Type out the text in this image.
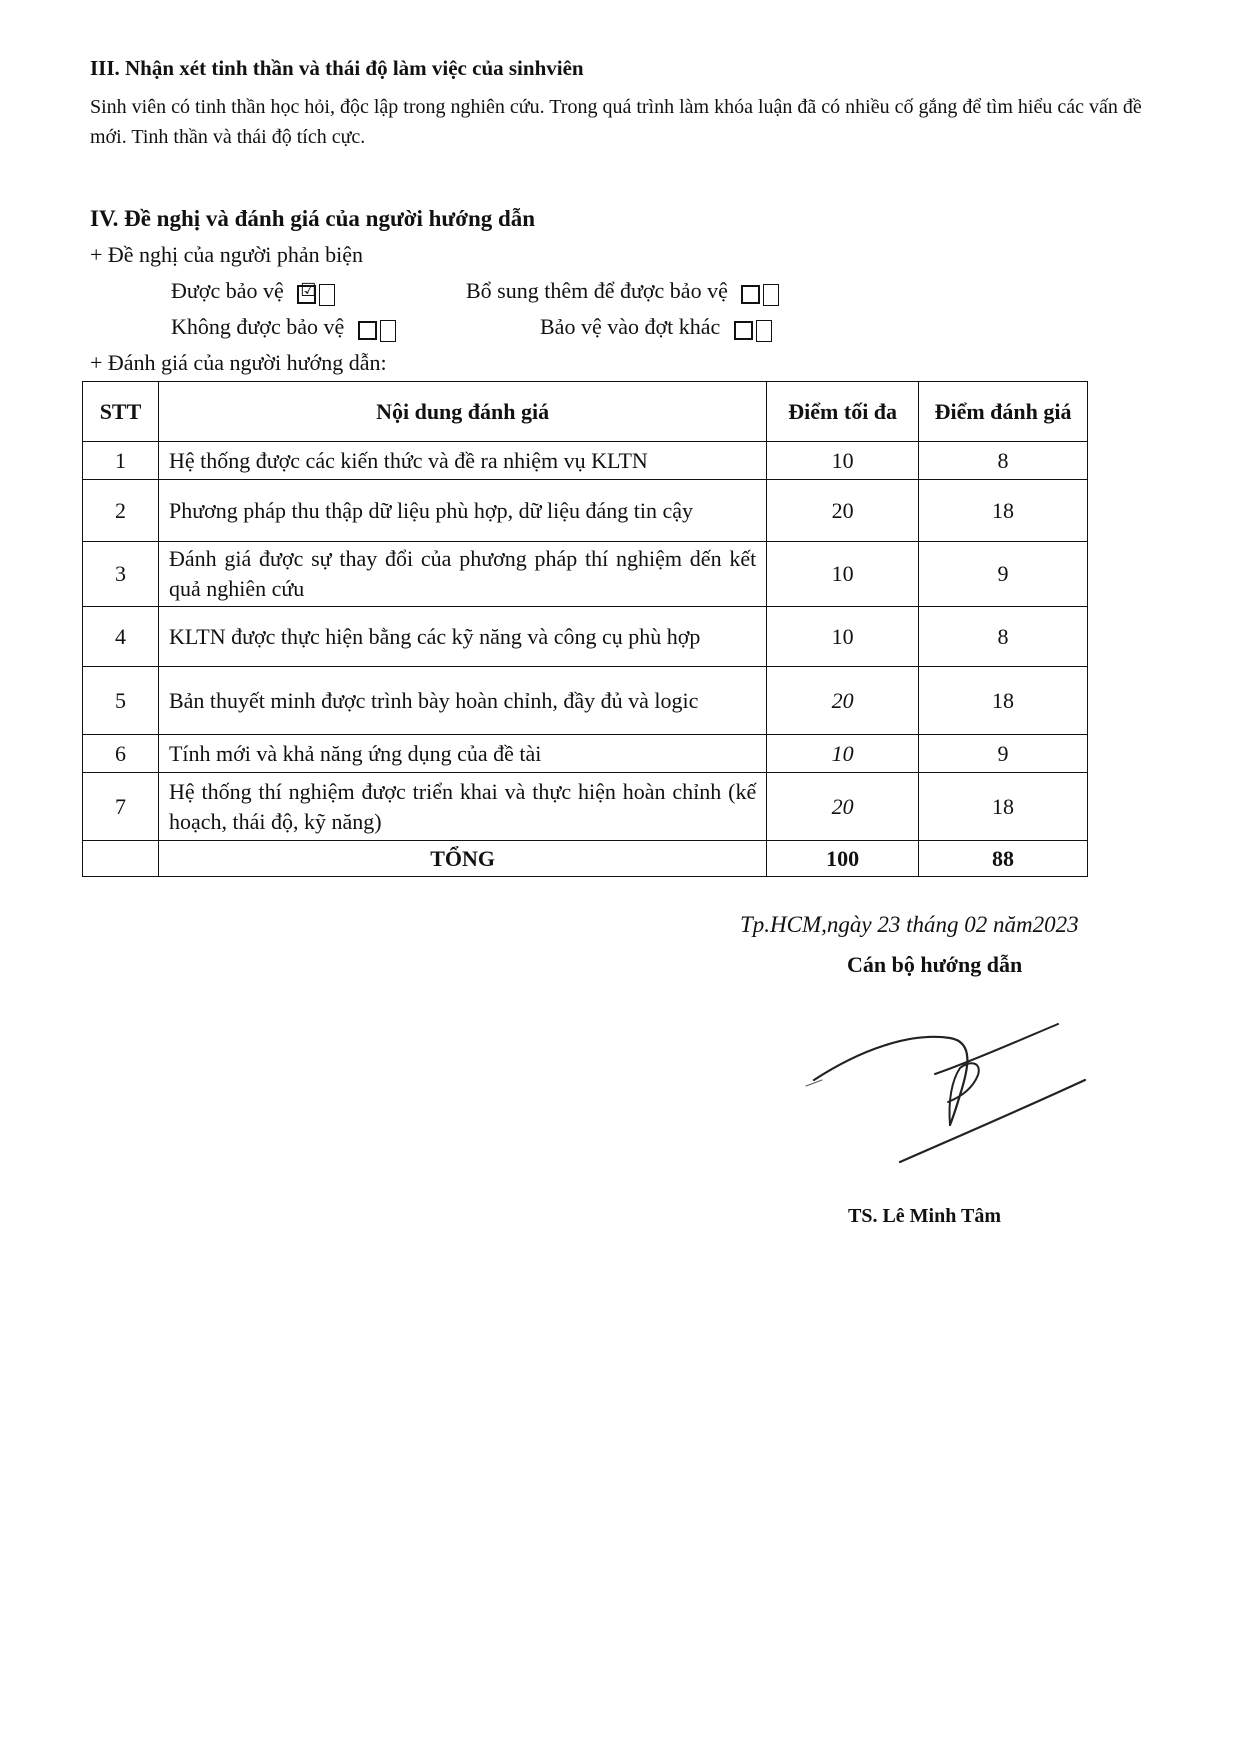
III. Nhận xét tinh thần và thái độ làm việc của sinhviên
Sinh viên có tinh thần học hỏi, độc lập trong nghiên cứu. Trong quá trình làm khóa luận đã có nhiều cố gắng để tìm hiểu các vấn đề mới. Tinh thần và thái độ tích cực.
IV. Đề nghị và đánh giá của người hướng dẫn
+ Đề nghị của người phản biện
Được bảo vệ ☑	Bổ sung thêm để được bảo vệ
Không được bảo vệ	Bảo vệ vào đợt khác
+ Đánh giá của người hướng dẫn:
STT	Nội dung đánh giá	Điểm tối đa	Điểm đánh giá
1	Hệ thống được các kiến thức và đề ra nhiệm vụ KLTN	10	8
2	Phương pháp thu thập dữ liệu phù hợp, dữ liệu đáng tin cậy	20	18
3	Đánh giá được sự thay đổi của phương pháp thí nghiệm dến kết quả nghiên cứu	10	9
4	KLTN được thực hiện bằng các kỹ năng và công cụ phù hợp	10	8
5	Bản thuyết minh được trình bày hoàn chỉnh, đầy đủ và logic	20	18
6	Tính mới và khả năng ứng dụng của đề tài	10	9
7	Hệ thống thí nghiệm được triển khai và thực hiện hoàn chỉnh (kế hoạch, thái độ, kỹ năng)	20	18
	TỔNG	100	88
Tp.HCM,ngày 23 tháng 02 năm2023
Cán bộ hướng dẫn
TS. Lê Minh Tâm
